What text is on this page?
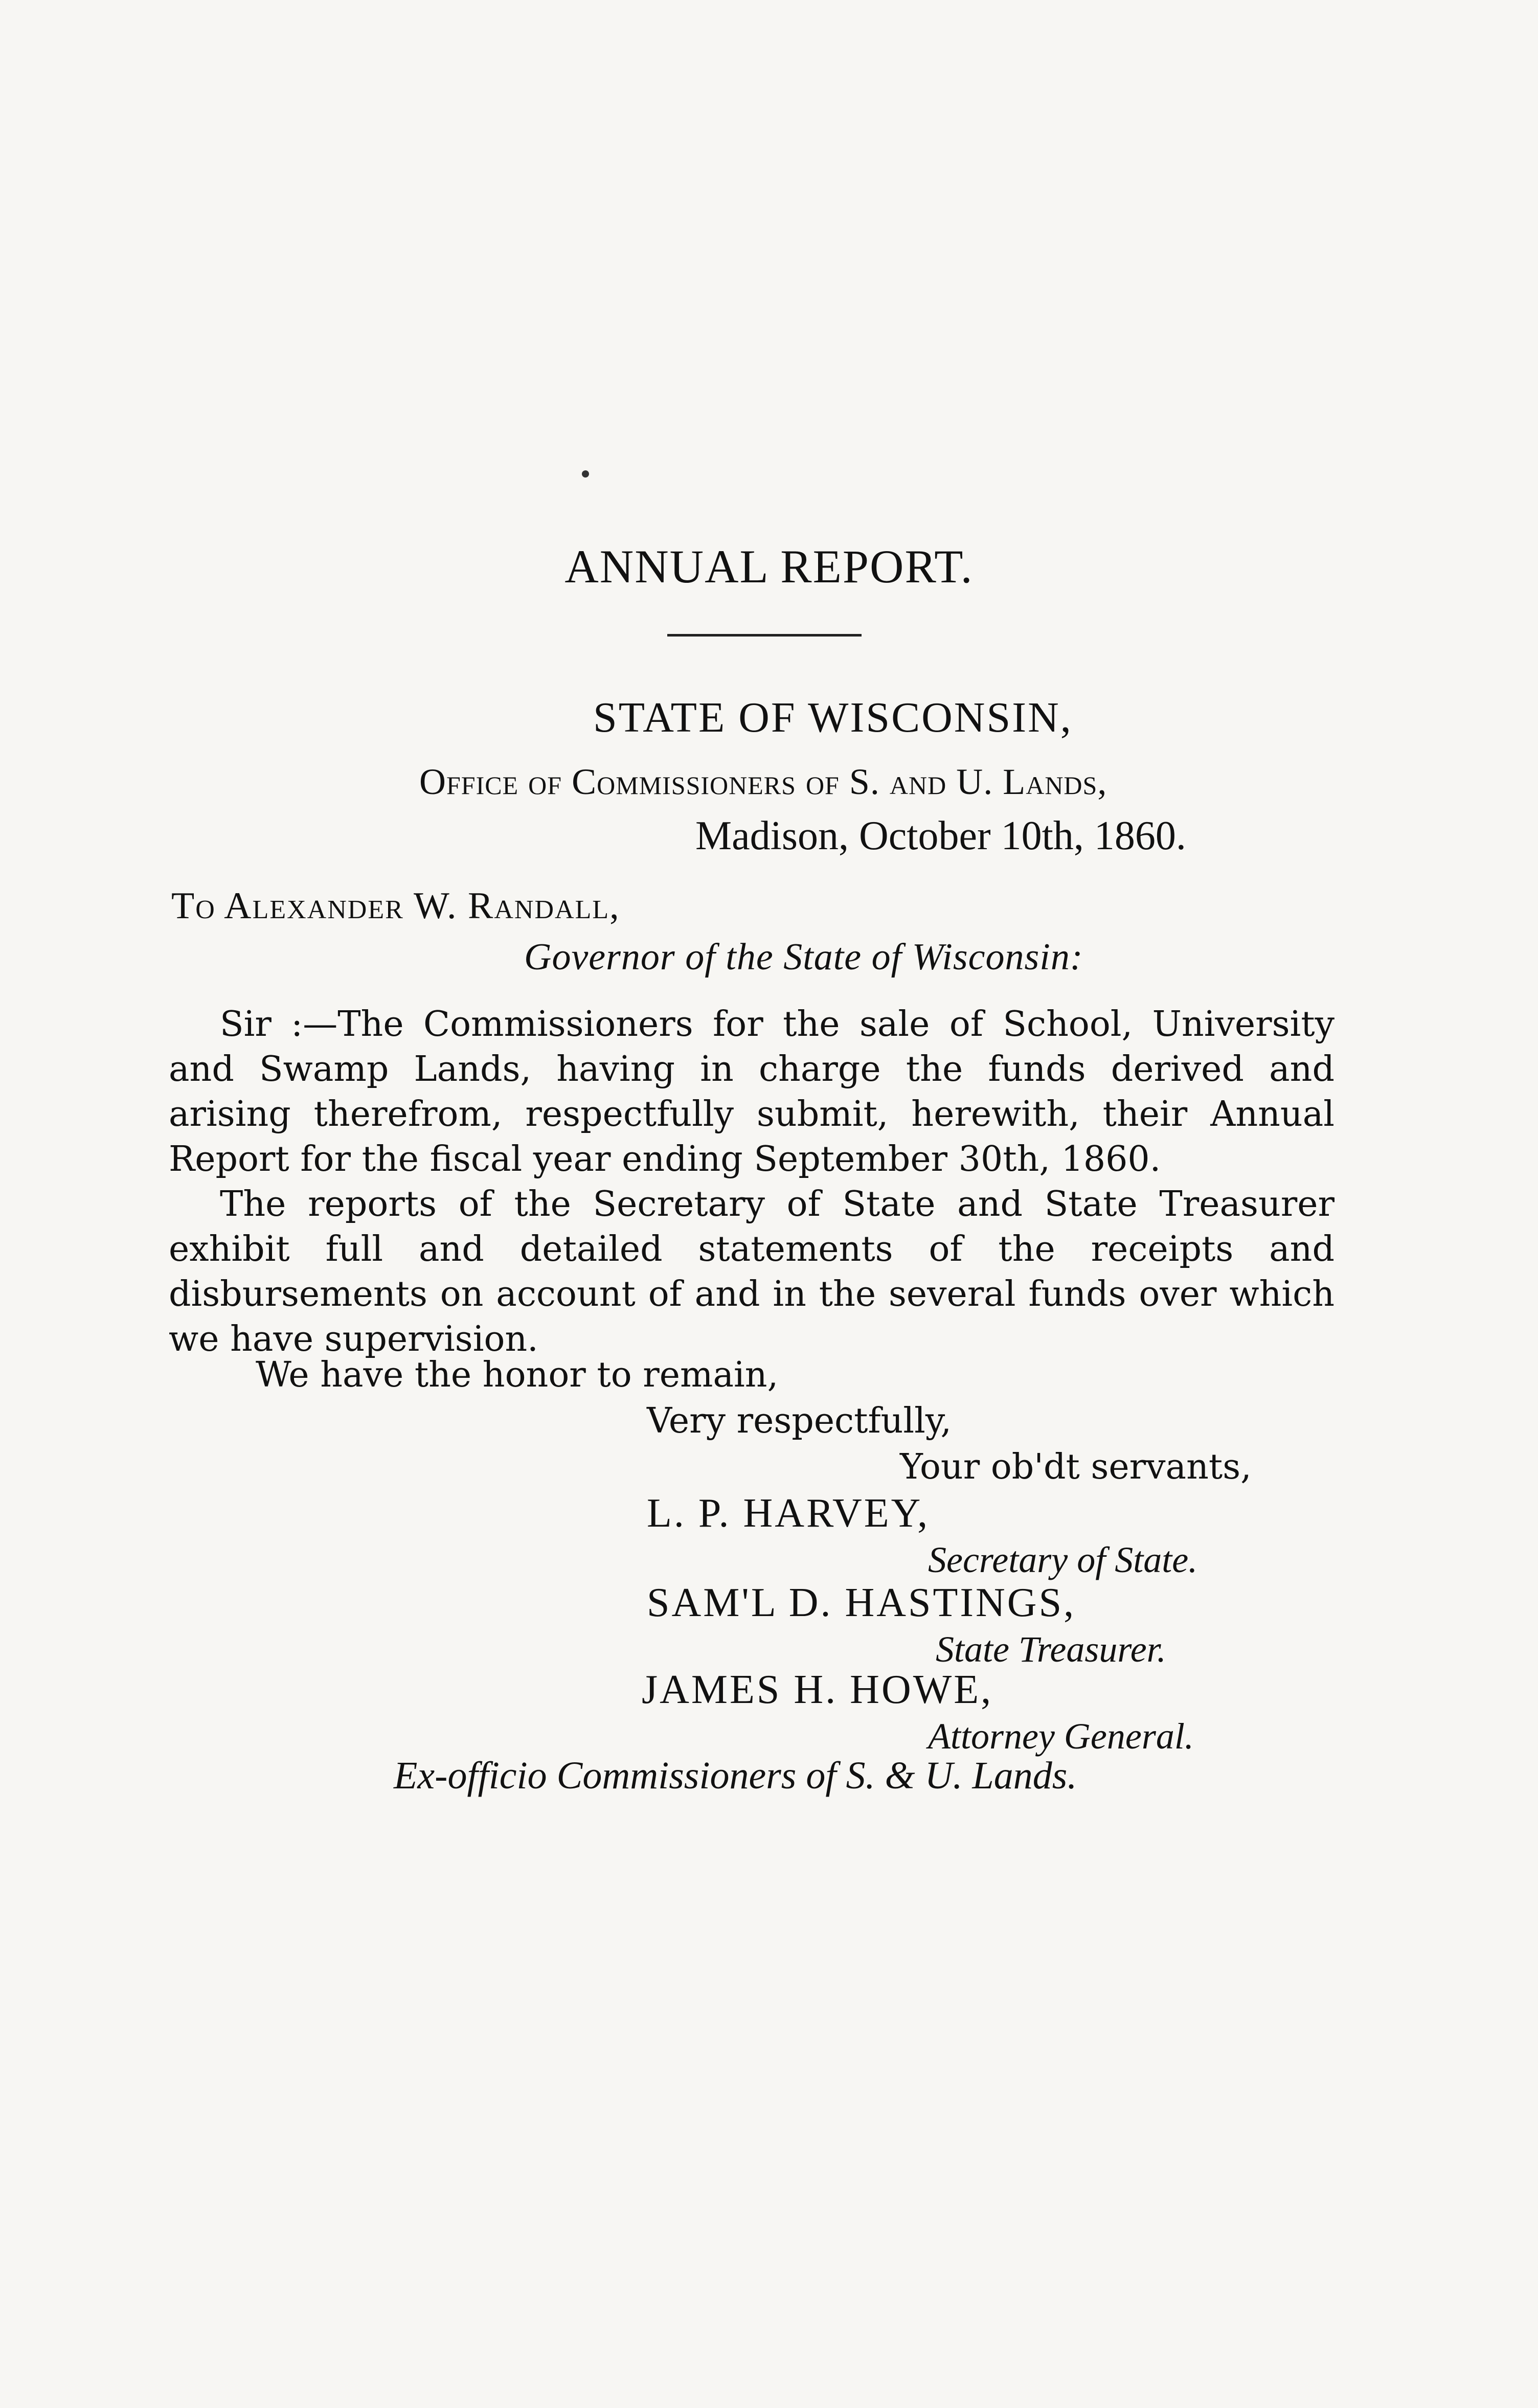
ANNUAL REPORT.
STATE OF WISCONSIN,
Office of Commissioners of S. and U. Lands,
Madison, October 10th, 1860.
To Alexander W. Randall,
Governor of the State of Wisconsin:

Sir :—The Commissioners for the sale of School, University and Swamp Lands, having in charge the funds derived and arising therefrom, respectfully submit, herewith, their Annual Report for the fiscal year ending September 30th, 1860.

The reports of the Secretary of State and State Treasurer exhibit full and detailed statements of the receipts and disbursements on account of and in the several funds over which we have supervision.

We have the honor to remain,
Very respectfully,
Your ob'dt servants,
L. P. HARVEY,
Secretary of State.
SAM'L D. HASTINGS,
State Treasurer.
JAMES H. HOWE,
Attorney General.
Ex-officio Commissioners of S. & U. Lands.
